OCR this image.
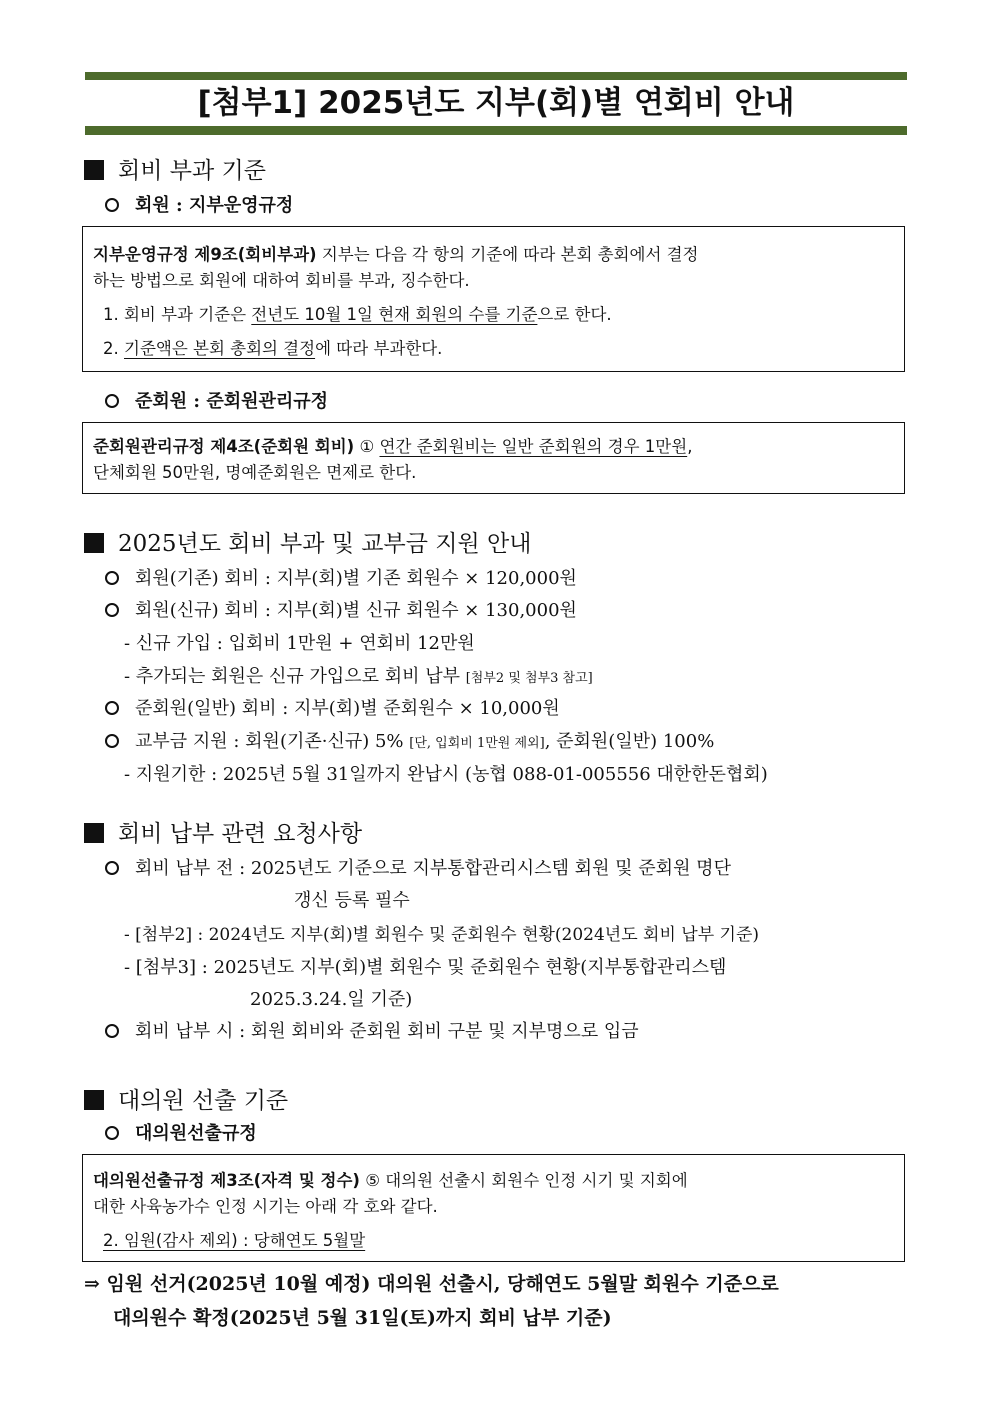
[첨부1] 2025년도 지부(회)별 연회비 안내
회비 부과 기준
회원 : 지부운영규정
지부운영규정 제9조(회비부과) 지부는 다음 각 항의 기준에 따라 본회 총회에서 결정
하는 방법으로 회원에 대하여 회비를 부과, 징수한다.
1. 회비 부과 기준은 전년도 10월 1일 현재 회원의 수를 기준으로 한다.
2. 기준액은 본회 총회의 결정에 따라 부과한다.
준회원 : 준회원관리규정
준회원관리규정 제4조(준회원 회비) ① 연간 준회원비는 일반 준회원의 경우 1만원,
단체회원 50만원, 명예준회원은 면제로 한다.
2025년도 회비 부과 및 교부금 지원 안내
회원(기존) 회비 : 지부(회)별 기존 회원수 × 120,000원
회원(신규) 회비 : 지부(회)별 신규 회원수 × 130,000원
- 신규 가입 : 입회비 1만원 + 연회비 12만원
- 추가되는 회원은 신규 가입으로 회비 납부 [첨부2 및 첨부3 참고]
준회원(일반) 회비 : 지부(회)별 준회원수 × 10,000원
교부금 지원 : 회원(기존·신규) 5% [단, 입회비 1만원 제외], 준회원(일반) 100%
- 지원기한 : 2025년 5월 31일까지 완납시 (농협 088-01-005556 대한한돈협회)
회비 납부 관련 요청사항
회비 납부 전 : 2025년도 기준으로 지부통합관리시스템 회원 및 준회원 명단
갱신 등록 필수
- [첨부2] : 2024년도 지부(회)별 회원수 및 준회원수 현황(2024년도 회비 납부 기준)
- [첨부3] : 2025년도 지부(회)별 회원수 및 준회원수 현황(지부통합관리스템
2025.3.24.일 기준)
회비 납부 시 : 회원 회비와 준회원 회비 구분 및 지부명으로 입금
대의원 선출 기준
대의원선출규정
대의원선출규정 제3조(자격 및 정수) ⑤ 대의원 선출시 회원수 인정 시기 및 지회에
대한 사육농가수 인정 시기는 아래 각 호와 같다.
2. 임원(감사 제외) : 당해연도 5월말
⇒ 임원 선거(2025년 10월 예정) 대의원 선출시, 당해연도 5월말 회원수 기준으로
대의원수 확정(2025년 5월 31일(토)까지 회비 납부 기준)
